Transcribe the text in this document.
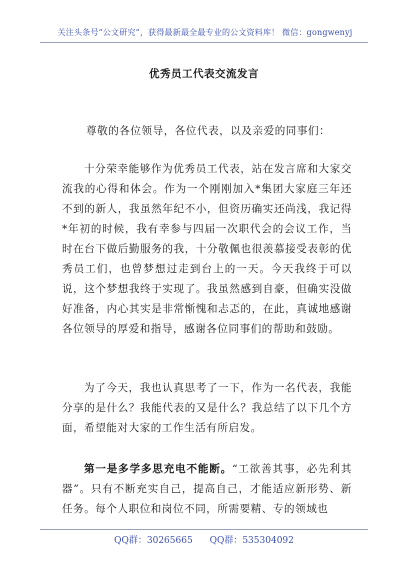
关注头条号“公文研究”，获得最新最全最专业的公文资料库！ 微信：gongwenyj
优秀员工代表交流发言

尊敬的各位领导，各位代表，以及亲爱的同事们：

十分荣幸能够作为优秀员工代表，站在发言席和大家交流我的心得和体会。作为一个刚刚加入*集团大家庭三年还不到的新人，我虽然年纪不小，但资历确实还尚浅，我记得*年初的时候，我有幸参与四届一次职代会的会议工作，当时在台下做后勤服务的我，十分敬佩也很羡慕接受表彰的优秀员工们，也曾梦想过走到台上的一天。今天我终于可以说，这个梦想我终于实现了。我虽然感到自豪，但确实没做好准备，内心其实是非常惭愧和忐忑的，在此，真诚地感谢各位领导的厚爱和指导，感谢各位同事们的帮助和鼓励。

为了今天，我也认真思考了一下，作为一名代表，我能分享的是什么？我能代表的又是什么？我总结了以下几个方面，希望能对大家的工作生活有所启发。

第一是多学多思充电不能断。“工欲善其事，必先利其器”。只有不断充实自己，提高自己，才能适应新形势、新任务。每个人职位和岗位不同，所需要精、专的领域也

QQ群：30265665 QQ群：535304092
